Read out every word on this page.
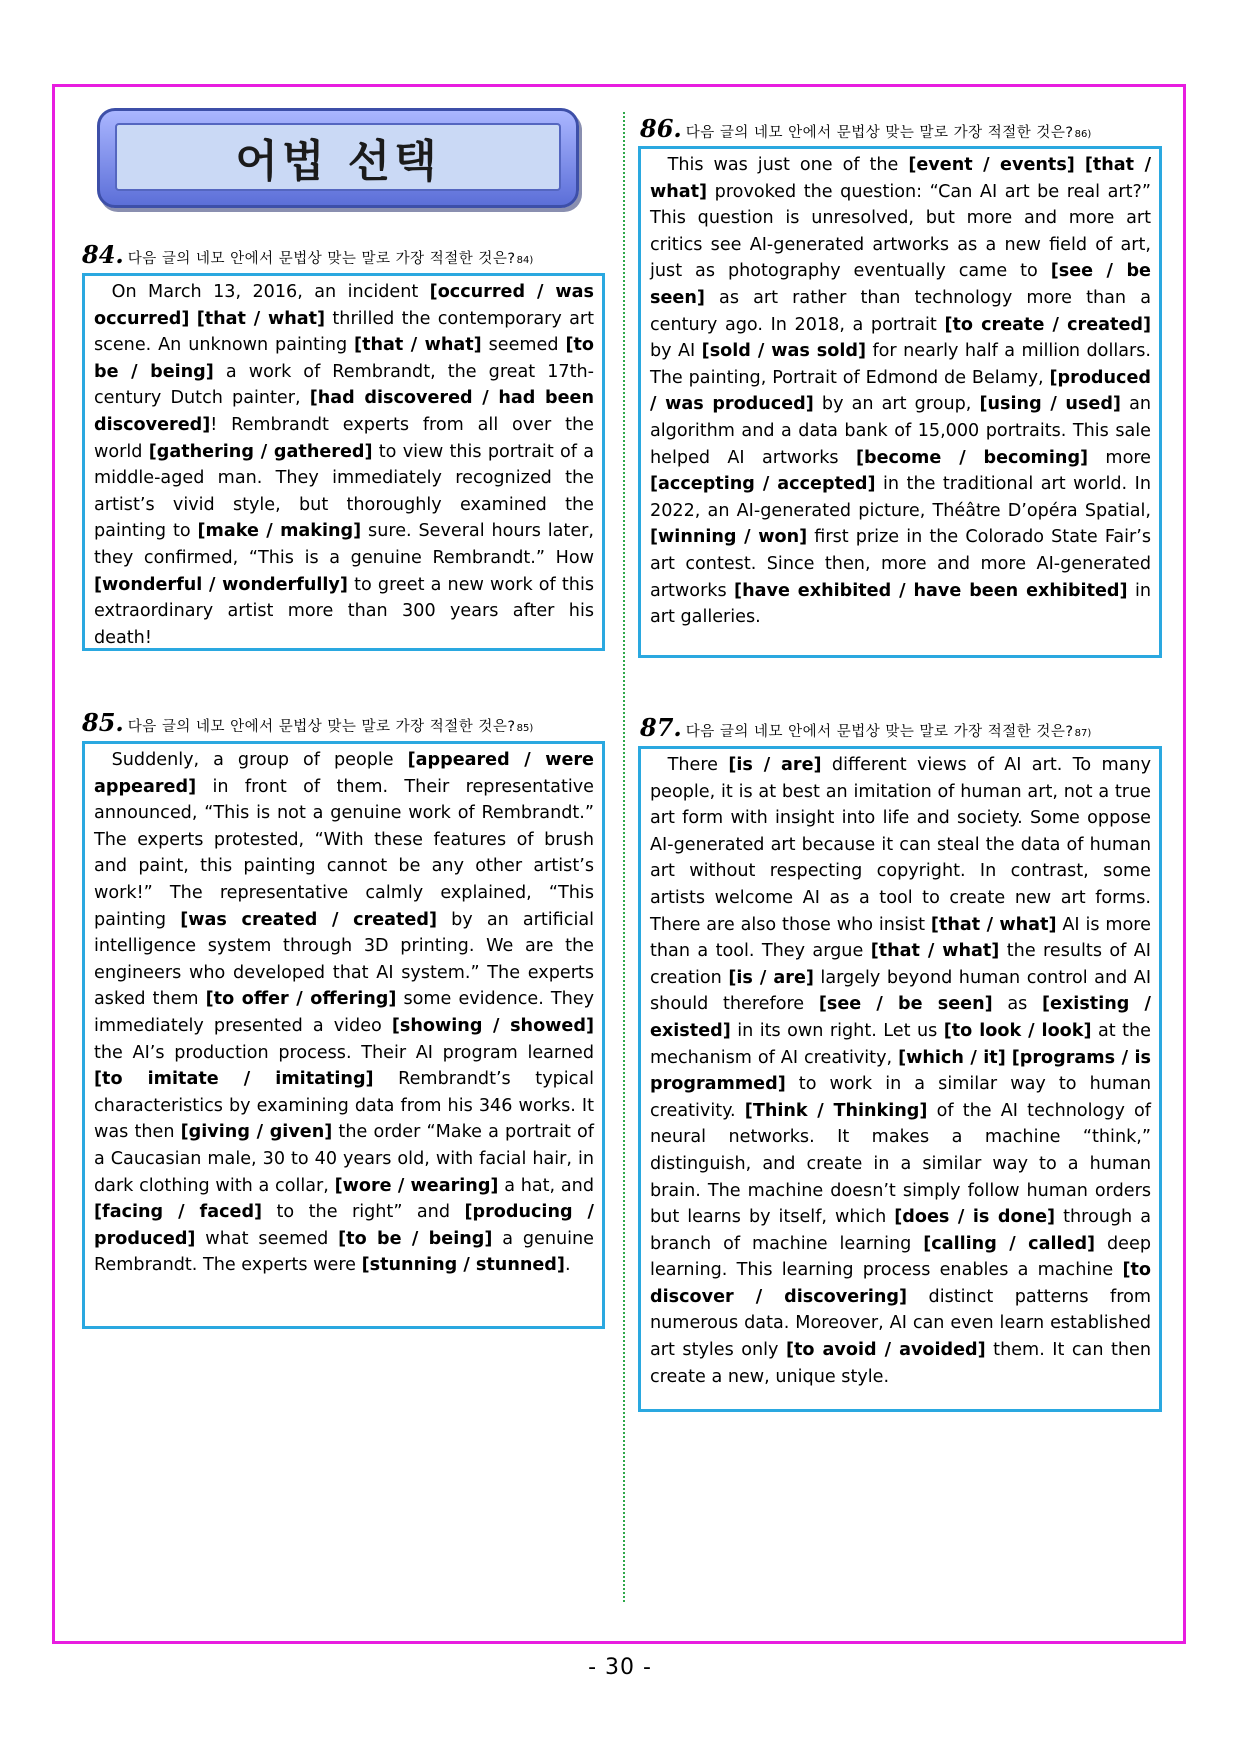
어법 선택
84. 다음 글의 네모 안에서 문법상 맞는 말로 가장 적절한 것은? 84)

On March 13, 2016, an incident [occurred / was occurred] [that / what] thrilled the contemporary art scene. An unknown painting [that / what] seemed [to be / being] a work of Rembrandt, the great 17th-century Dutch painter, [had discovered / had been discovered]! Rembrandt experts from all over the world [gathering / gathered] to view this portrait of a middle-aged man. They immediately recognized the artist’s vivid style, but thoroughly examined the painting to [make / making] sure. Several hours later, they confirmed, “This is a genuine Rembrandt.” How [wonderful / wonderfully] to greet a new work of this extraordinary artist more than 300 years after his death!

85. 다음 글의 네모 안에서 문법상 맞는 말로 가장 적절한 것은? 85)

Suddenly, a group of people [appeared / were appeared] in front of them. Their representative announced, “This is not a genuine work of Rembrandt.” The experts protested, “With these features of brush and paint, this painting cannot be any other artist’s work!” The representative calmly explained, “This painting [was created / created] by an artificial intelligence system through 3D printing. We are the engineers who developed that AI system.” The experts asked them [to offer / offering] some evidence. They immediately presented a video [showing / showed] the AI’s production process. Their AI program learned [to imitate / imitating] Rembrandt’s typical characteristics by examining data from his 346 works. It was then [giving / given] the order “Make a portrait of a Caucasian male, 30 to 40 years old, with facial hair, in dark clothing with a collar, [wore / wearing] a hat, and [facing / faced] to the right” and [producing / produced] what seemed [to be / being] a genuine Rembrandt. The experts were [stunning / stunned].

86. 다음 글의 네모 안에서 문법상 맞는 말로 가장 적절한 것은? 86)

This was just one of the [event / events] [that / what] provoked the question: “Can AI art be real art?” This question is unresolved, but more and more art critics see AI-generated artworks as a new field of art, just as photography eventually came to [see / be seen] as art rather than technology more than a century ago. In 2018, a portrait [to create / created] by AI [sold / was sold] for nearly half a million dollars. The painting, Portrait of Edmond de Belamy, [produced / was produced] by an art group, [using / used] an algorithm and a data bank of 15,000 portraits. This sale helped AI artworks [become / becoming] more [accepting / accepted] in the traditional art world. In 2022, an AI-generated picture, Théâtre D’opéra Spatial, [winning / won] first prize in the Colorado State Fair’s art contest. Since then, more and more AI-generated artworks [have exhibited / have been exhibited] in art galleries.

87. 다음 글의 네모 안에서 문법상 맞는 말로 가장 적절한 것은? 87)

There [is / are] different views of AI art. To many people, it is at best an imitation of human art, not a true art form with insight into life and society. Some oppose AI-generated art because it can steal the data of human art without respecting copyright. In contrast, some artists welcome AI as a tool to create new art forms. There are also those who insist [that / what] AI is more than a tool. They argue [that / what] the results of AI creation [is / are] largely beyond human control and AI should therefore [see / be seen] as [existing / existed] in its own right. Let us [to look / look] at the mechanism of AI creativity, [which / it] [programs / is programmed] to work in a similar way to human creativity. [Think / Thinking] of the AI technology of neural networks. It makes a machine “think,” distinguish, and create in a similar way to a human brain. The machine doesn’t simply follow human orders but learns by itself, which [does / is done] through a branch of machine learning [calling / called] deep learning. This learning process enables a machine [to discover / discovering] distinct patterns from numerous data. Moreover, AI can even learn established art styles only [to avoid / avoided] them. It can then create a new, unique style.

- 30 -
